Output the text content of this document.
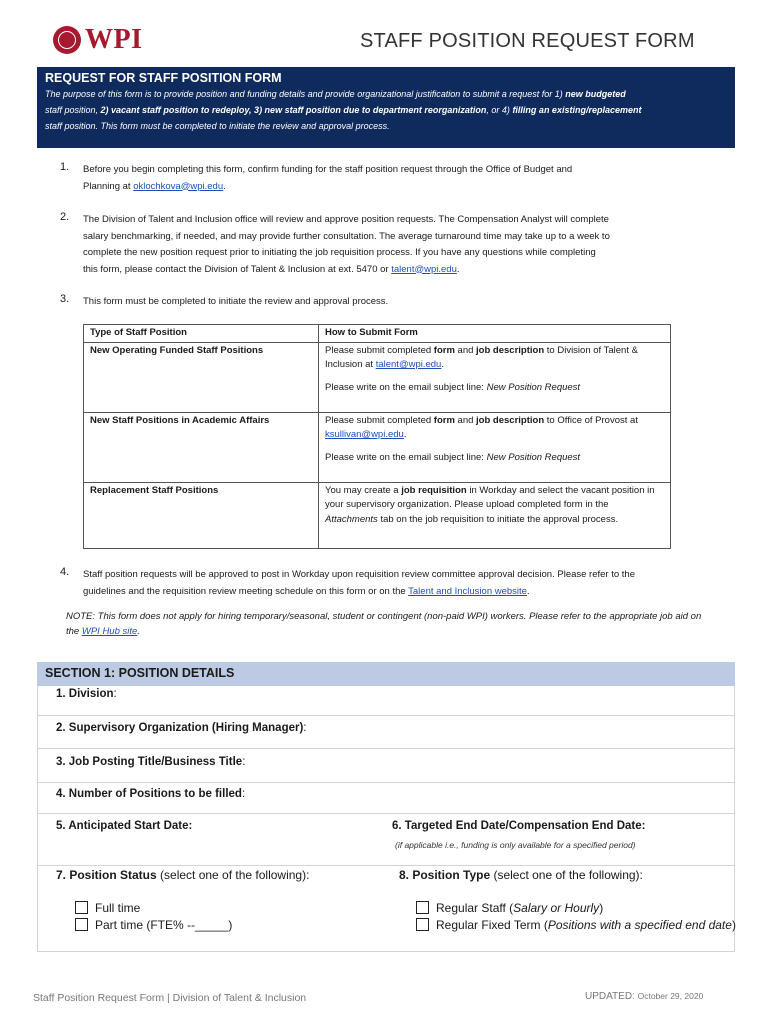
WPI	STAFF POSITION REQUEST FORM
REQUEST FOR STAFF POSITION FORM
The purpose of this form is to provide position and funding details and provide organizational justification to submit a request for 1) new budgeted
staff position, 2) vacant staff position to redeploy, 3) new staff position due to department reorganization, or 4) filling an existing/replacement
staff position. This form must be completed to initiate the review and approval process.
1. Before you begin completing this form, confirm funding for the staff position request through the Office of Budget and
Planning at oklochkova@wpi.edu.
2. The Division of Talent and Inclusion office will review and approve position requests. The Compensation Analyst will complete
salary benchmarking, if needed, and may provide further consultation. The average turnaround time may take up to a week to
complete the new position request prior to initiating the job requisition process. If you have any questions while completing
this form, please contact the Division of Talent & Inclusion at ext. 5470 or talent@wpi.edu.
3. This form must be completed to initiate the review and approval process.
Type of Staff Position	How to Submit Form
New Operating Funded Staff Positions	Please submit completed form and job description to Division of Talent & Inclusion at talent@wpi.edu.
Please write on the email subject line: New Position Request

New Staff Positions in Academic Affairs	Please submit completed form and job description to Office of Provost at ksullivan@wpi.edu.
Please write on the email subject line: New Position Request

Replacement Staff Positions	You may create a job requisition in Workday and select the vacant position in your supervisory organization. Please upload completed form in the Attachments tab on the job requisition to initiate the approval process.
4. Staff position requests will be approved to post in Workday upon requisition review committee approval decision. Please refer to the
guidelines and the requisition review meeting schedule on this form or on the Talent and Inclusion website.
NOTE: This form does not apply for hiring temporary/seasonal, student or contingent (non-paid WPI) workers. Please refer to the appropriate job aid on the WPI Hub site.
SECTION 1: POSITION DETAILS
1. Division:
2. Supervisory Organization (Hiring Manager):
3. Job Posting Title/Business Title:
4. Number of Positions to be filled:
5. Anticipated Start Date:	6. Targeted End Date/Compensation End Date:
(if applicable i.e., funding is only available for a specified period)
7. Position Status (select one of the following):	8. Position Type (select one of the following):
Full time
Part time (FTE% --_____)
Regular Staff (Salary or Hourly)
Regular Fixed Term (Positions with a specified end date)
Staff Position Request Form | Division of Talent & Inclusion	UPDATED: October 29, 2020
